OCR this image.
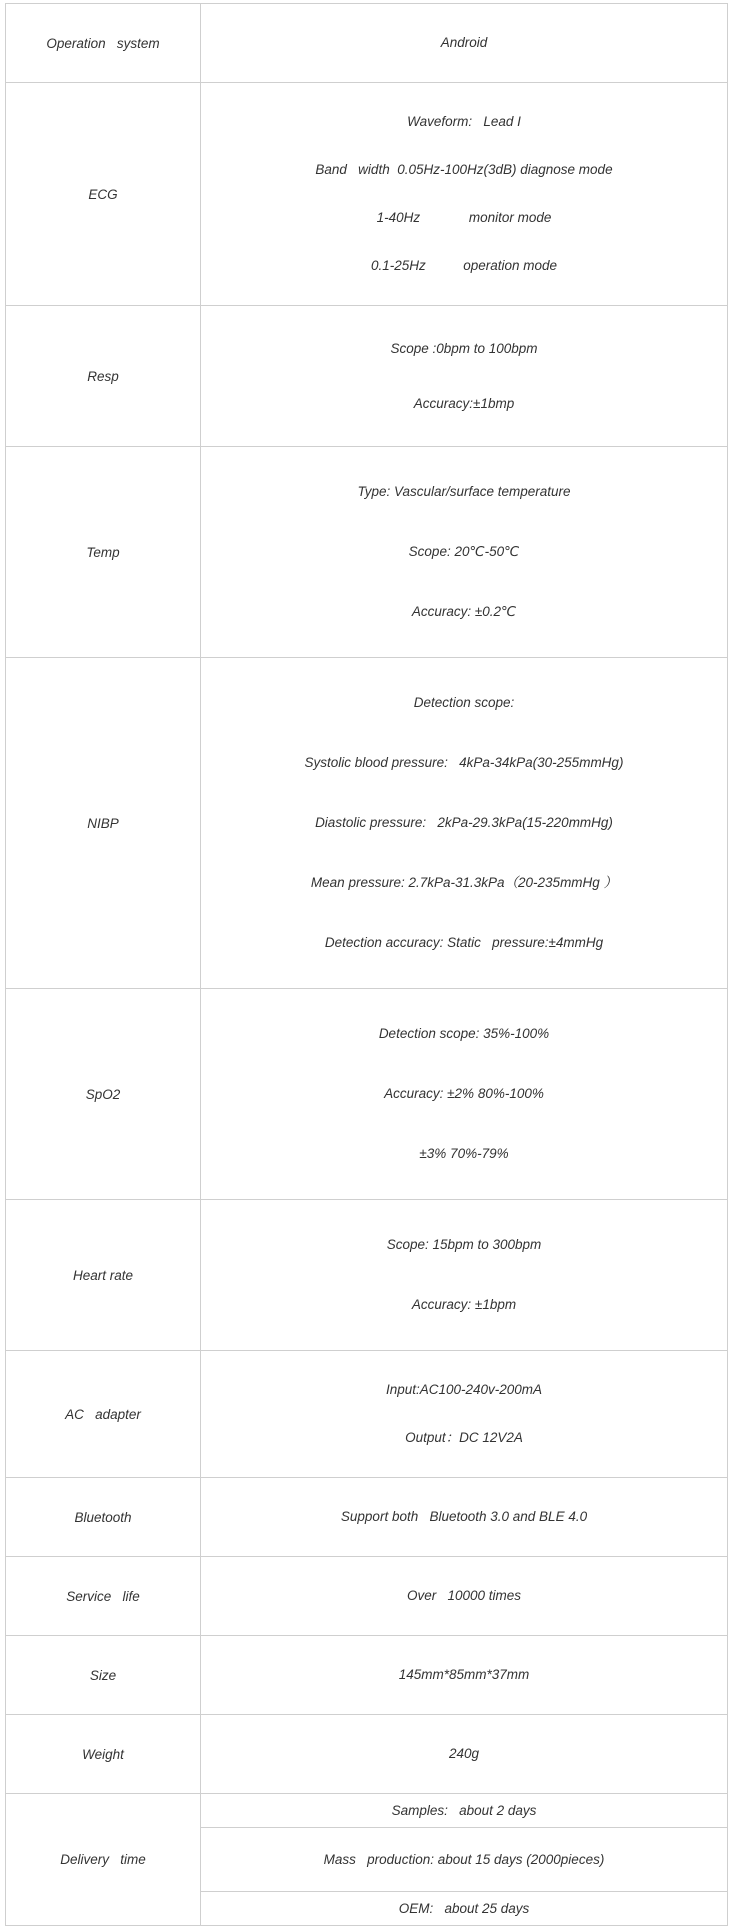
Operation   system	Android

ECG	Waveform:   Lead I

Band   width  0.05Hz-100Hz(3dB) diagnose mode

1-40Hz             monitor mode

0.1-25Hz          operation mode

Resp	Scope :0bpm to 100bpm

Accuracy:±1bmp

Temp	Type: Vascular/surface temperature

Scope: 20℃-50℃

Accuracy: ±0.2℃

NIBP	Detection scope:

Systolic blood pressure:   4kPa-34kPa(30-255mmHg)

Diastolic pressure:   2kPa-29.3kPa(15-220mmHg)

Mean pressure: 2.7kPa-31.3kPa（20-235mmHg ）

Detection accuracy: Static   pressure:±4mmHg

SpO2	Detection scope: 35%-100%

Accuracy: ±2% 80%-100%

±3% 70%-79%

Heart rate	Scope: 15bpm to 300bpm

Accuracy: ±1bpm

AC   adapter	Input:AC100-240v-200mA

Output：DC 12V2A

Bluetooth	Support both   Bluetooth 3.0 and BLE 4.0

Service   life	Over   10000 times

Size	145mm*85mm*37mm

Weight	240g

Delivery   time	Samples:   about 2 days
	Mass   production: about 15 days (2000pieces)
	OEM:   about 25 days
